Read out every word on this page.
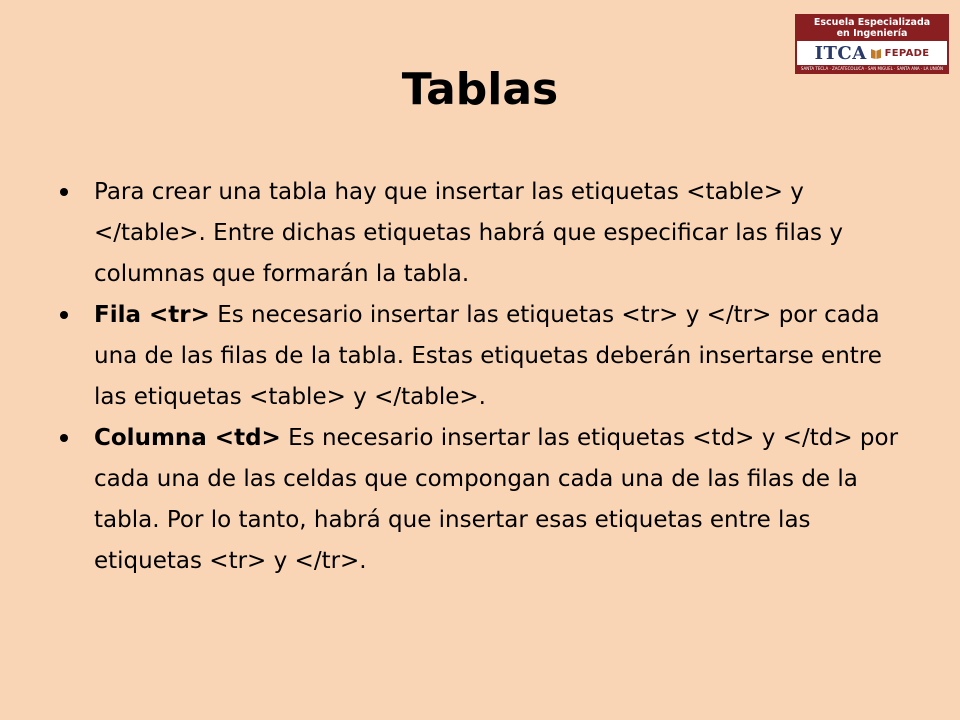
Escuela Especializada
en Ingeniería
ITCA FEPADE
SANTA TECLA · ZACATECOLUCA · SAN MIGUEL · SANTA ANA · LA UNIÓN
Tablas
Para crear una tabla hay que insertar las etiquetas <table> y </table>. Entre dichas etiquetas habrá que especificar las filas y columnas que formarán la tabla.
Fila <tr> Es necesario insertar las etiquetas <tr> y </tr> por cada una de las filas de la tabla. Estas etiquetas deberán insertarse entre las etiquetas <table> y </table>.
Columna <td> Es necesario insertar las etiquetas <td> y </td> por cada una de las celdas que compongan cada una de las filas de la tabla. Por lo tanto, habrá que insertar esas etiquetas entre las etiquetas <tr> y </tr>.
